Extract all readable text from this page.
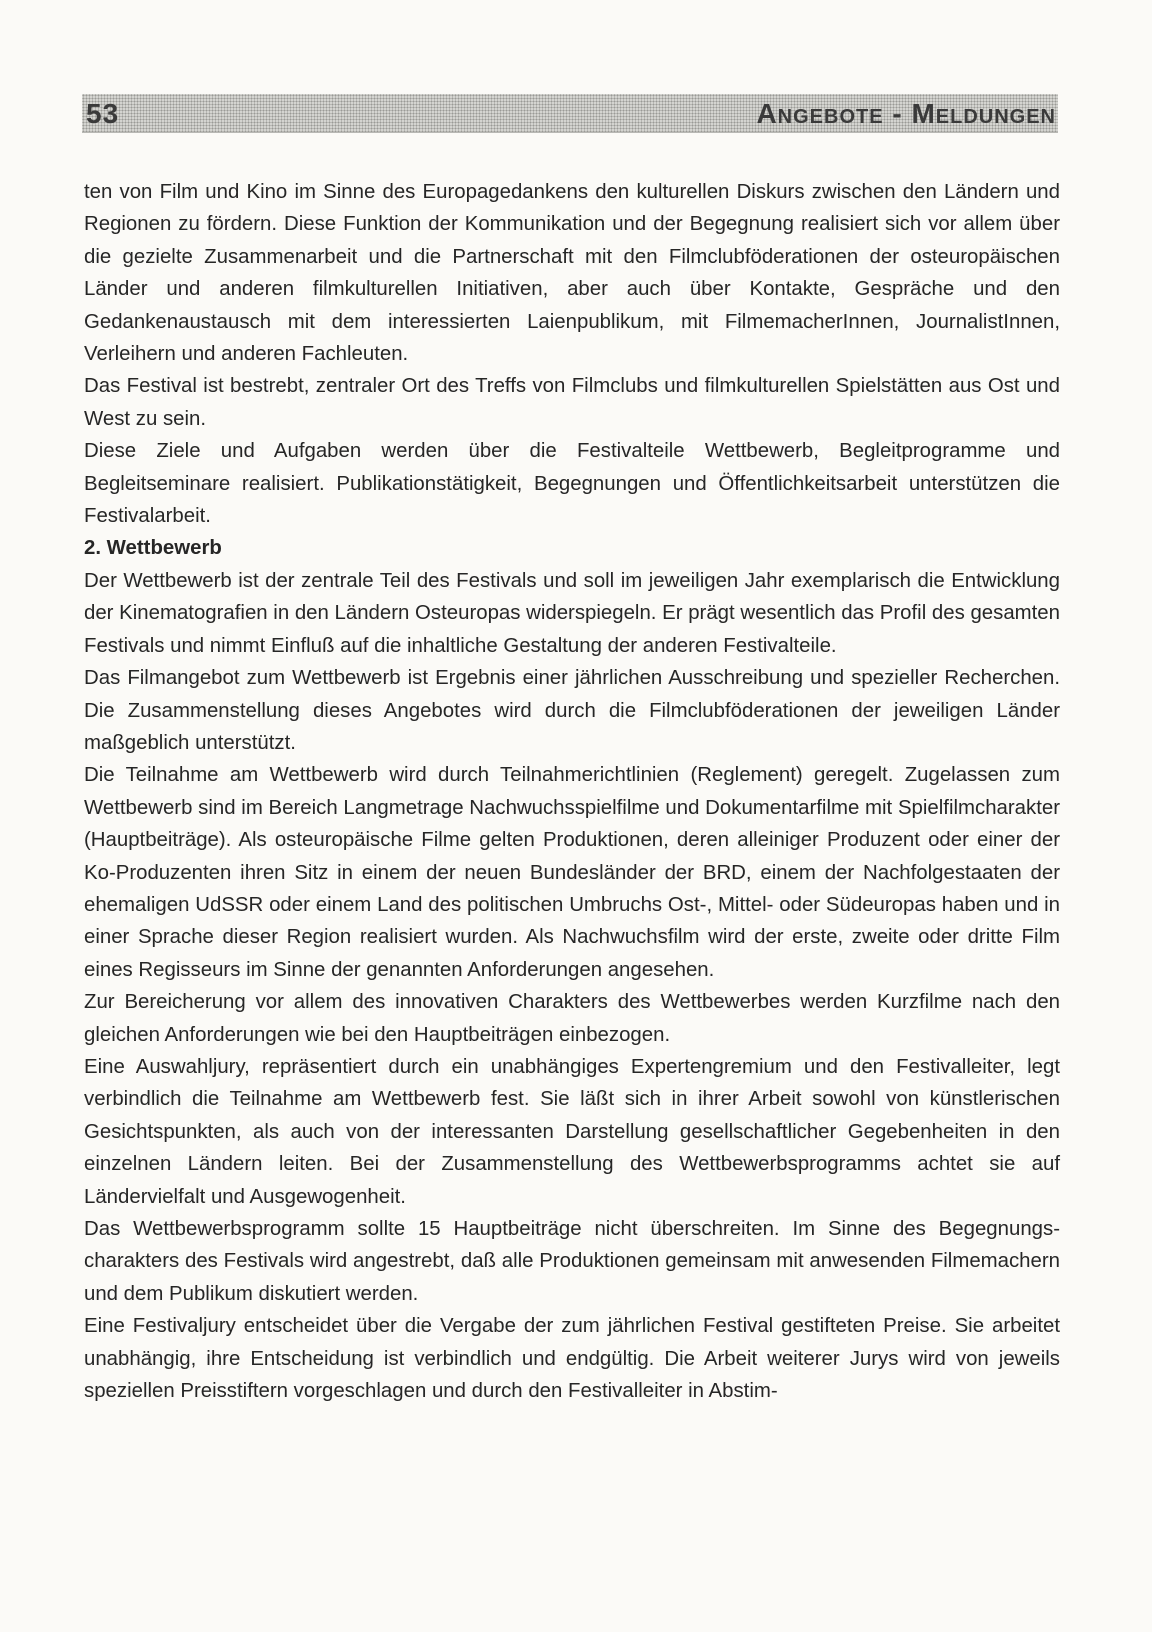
53	Angebote - Meldungen

ten von Film und Kino im Sinne des Europagedankens den kulturellen Diskurs zwischen den Ländern und Regionen zu fördern. Diese Funktion der Kommunikation und der Begegnung realisiert sich vor allem über die gezielte Zusammenarbeit und die Partnerschaft mit den Filmclubföderationen der osteuropäischen Länder und anderen filmkulturellen Initiativen, aber auch über Kontakte, Gespräche und den Gedankenaustausch mit dem interessierten Laienpublikum, mit FilmemacherInnen, JournalistInnen, Verleihern und anderen Fachleuten.

Das Festival ist bestrebt, zentraler Ort des Treffs von Filmclubs und filmkulturellen Spielstätten aus Ost und West zu sein.

Diese Ziele und Aufgaben werden über die Festivalteile Wettbewerb, Begleitprogramme und Begleitseminare realisiert. Publikationstätigkeit, Begegnungen und Öffentlichkeitsarbeit unterstützen die Festivalarbeit.

2. Wettbewerb

Der Wettbewerb ist der zentrale Teil des Festivals und soll im jeweiligen Jahr exemplarisch die Entwicklung der Kinematografien in den Ländern Osteuropas widerspiegeln. Er prägt wesentlich das Profil des gesamten Festivals und nimmt Einfluß auf die inhaltliche Gestaltung der anderen Festivalteile.

Das Filmangebot zum Wettbewerb ist Ergebnis einer jährlichen Ausschreibung und spezieller Recherchen. Die Zusammenstellung dieses Angebotes wird durch die Filmclubföderationen der jeweiligen Länder maßgeblich unterstützt.

Die Teilnahme am Wettbewerb wird durch Teilnahmerichtlinien (Reglement) geregelt. Zugelassen zum Wettbewerb sind im Bereich Langmetrage Nachwuchsspielfilme und Dokumentarfilme mit Spielfilmcharakter (Hauptbeiträge). Als osteuropäische Filme gelten Produktionen, deren alleiniger Produzent oder einer der Ko-Produzenten ihren Sitz in einem der neuen Bundesländer der BRD, einem der Nachfolgestaaten der ehemaligen UdSSR oder einem Land des politischen Umbruchs Ost-, Mittel- oder Südeuropas haben und in einer Sprache dieser Region realisiert wurden. Als Nachwuchsfilm wird der erste, zweite oder dritte Film eines Regisseurs im Sinne der genannten Anforderungen angesehen.

Zur Bereicherung vor allem des innovativen Charakters des Wettbewerbes werden Kurzfilme nach den gleichen Anforderungen wie bei den Hauptbeiträgen einbezogen.

Eine Auswahljury, repräsentiert durch ein unabhängiges Expertengremium und den Festivalleiter, legt verbindlich die Teilnahme am Wettbewerb fest. Sie läßt sich in ihrer Arbeit sowohl von künstlerischen Gesichtspunkten, als auch von der interessanten Darstellung gesellschaftlicher Gegebenheiten in den einzelnen Ländern leiten. Bei der Zusammenstellung des Wettbewerbsprogramms achtet sie auf Ländervielfalt und Ausgewogenheit.

Das Wettbewerbsprogramm sollte 15 Hauptbeiträge nicht überschreiten. Im Sinne des Begegnungs-charakters des Festivals wird angestrebt, daß alle Produktionen gemeinsam mit anwesenden Filmemachern und dem Publikum diskutiert werden.

Eine Festivaljury entscheidet über die Vergabe der zum jährlichen Festival gestifteten Preise. Sie arbeitet unabhängig, ihre Entscheidung ist verbindlich und endgültig. Die Arbeit weiterer Jurys wird von jeweils speziellen Preisstiftern vorgeschlagen und durch den Festivalleiter in Abstim-
